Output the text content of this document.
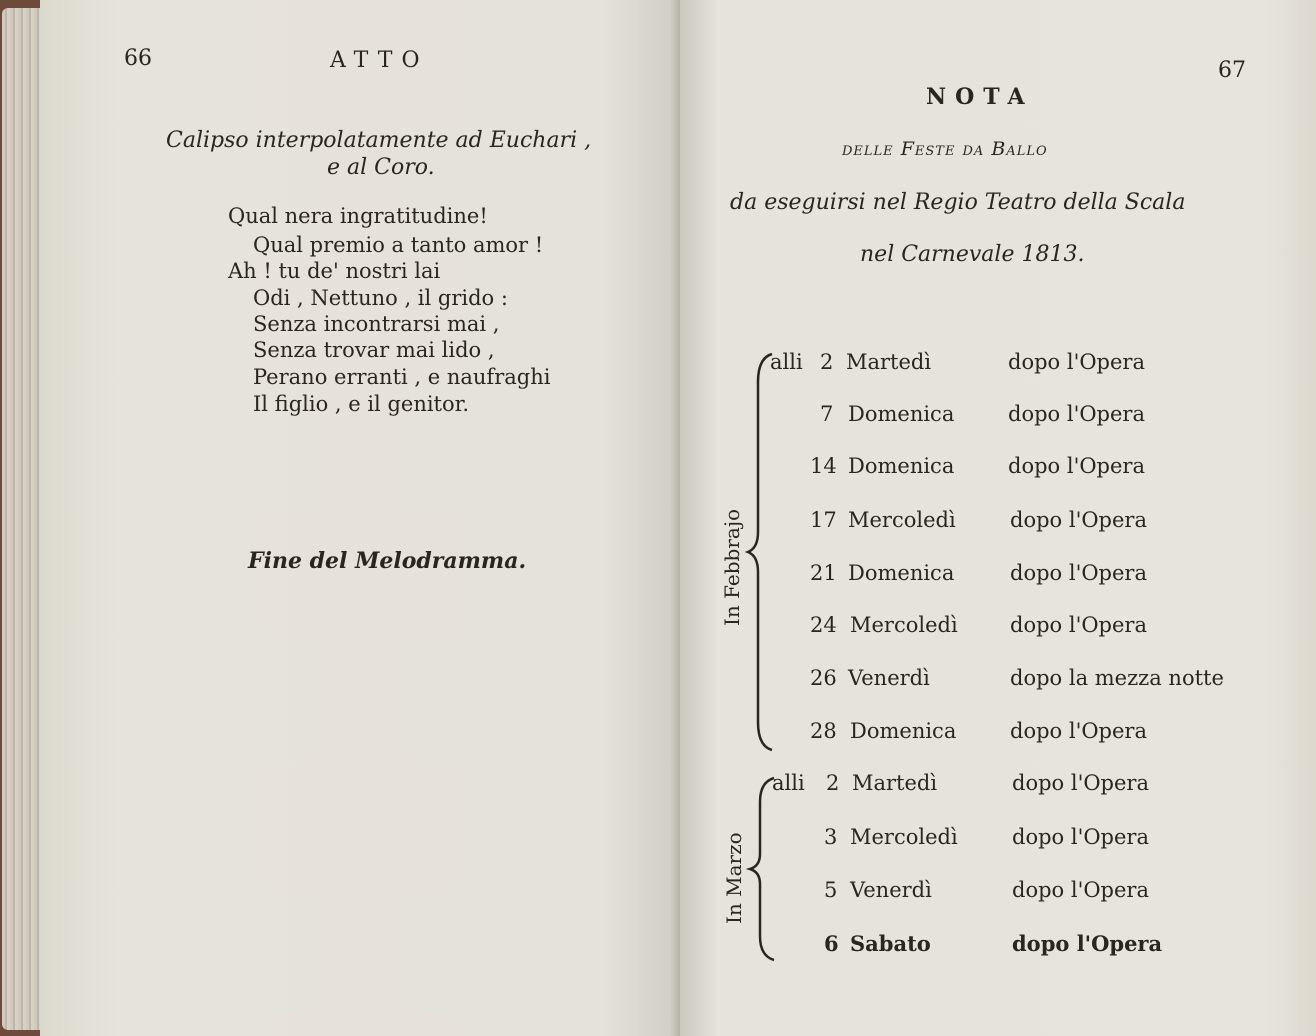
66	ATTO
Calipso interpolatamente ad Euchari ,
e al Coro.
Qual nera ingratitudine!
Qual premio a tanto amor !
Ah ! tu de' nostri lai
Odi , Nettuno , il grido :
Senza incontrarsi mai ,
Senza trovar mai lido ,
Perano erranti , e naufraghi
Il figlio , e il genitor.
Fine del Melodramma.
67
NOTA
delle Feste da Ballo
da eseguirsi nel Regio Teatro della Scala
nel Carnevale 1813.
In Febbrajo
In Marzo
alli 2 Martedì	dopo l'Opera
7 Domenica	dopo l'Opera
14 Domenica	dopo l'Opera
17 Mercoledì	dopo l'Opera
21 Domenica	dopo l'Opera
24 Mercoledì dopo l'Opera
26 Venerdì	dopo la mezza notte
28 Domenica	dopo l'Opera
alli 2 Martedì	dopo l'Opera
3 Mercoledì	dopo l'Opera
5 Venerdì	dopo l'Opera
6 Sabato	dopo l'Opera
